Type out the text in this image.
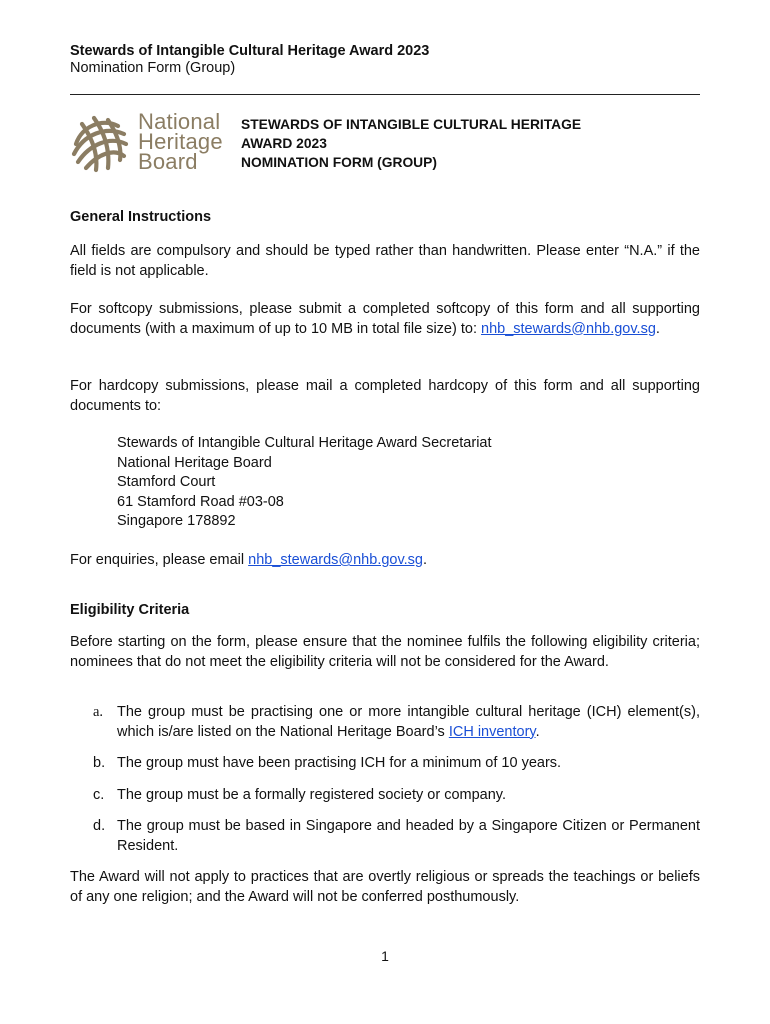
Stewards of Intangible Cultural Heritage Award 2023
Nomination Form (Group)
National
Heritage
Board
STEWARDS OF INTANGIBLE CULTURAL HERITAGE
AWARD 2023
NOMINATION FORM (GROUP)
General Instructions
All fields are compulsory and should be typed rather than handwritten. Please enter “N.A.” if the field is not applicable.
For softcopy submissions, please submit a completed softcopy of this form and all supporting documents (with a maximum of up to 10 MB in total file size) to: nhb_stewards@nhb.gov.sg.
For hardcopy submissions, please mail a completed hardcopy of this form and all supporting documents to:
Stewards of Intangible Cultural Heritage Award Secretariat
National Heritage Board
Stamford Court
61 Stamford Road #03-08
Singapore 178892
For enquiries, please email nhb_stewards@nhb.gov.sg.
Eligibility Criteria
Before starting on the form, please ensure that the nominee fulfils the following eligibility criteria; nominees that do not meet the eligibility criteria will not be considered for the Award.
a. The group must be practising one or more intangible cultural heritage (ICH) element(s), which is/are listed on the National Heritage Board’s ICH inventory.
b. The group must have been practising ICH for a minimum of 10 years.
c. The group must be a formally registered society or company.
d. The group must be based in Singapore and headed by a Singapore Citizen or Permanent Resident.
The Award will not apply to practices that are overtly religious or spreads the teachings or beliefs of any one religion; and the Award will not be conferred posthumously.
1
